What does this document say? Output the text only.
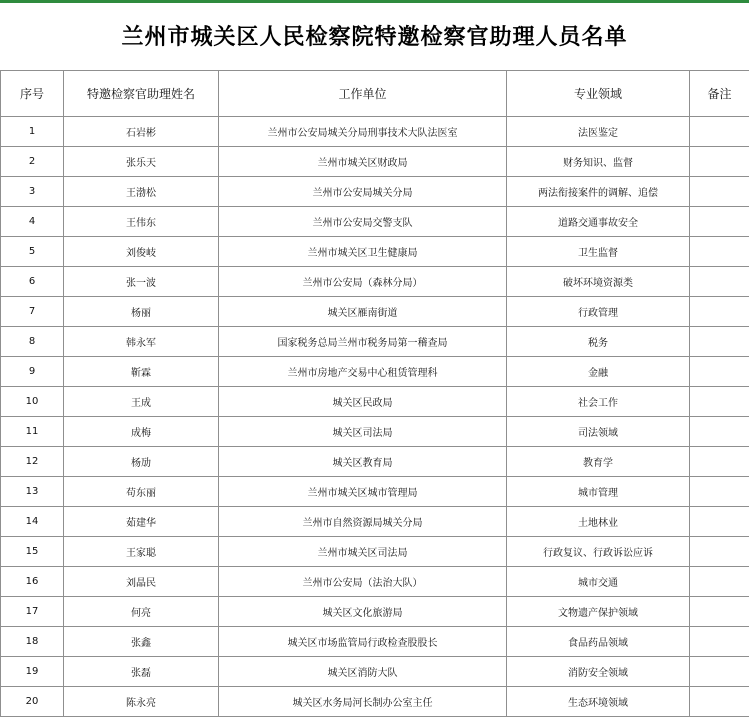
兰州市城关区人民检察院特邀检察官助理人员名单
序号	特邀检察官助理姓名	工作单位	专业领域	备注
1	石岩彬	兰州市公安局城关分局刑事技术大队法医室	法医鉴定	
2	张乐天	兰州市城关区财政局	财务知识、监督	
3	王渤松	兰州市公安局城关分局	两法衔接案件的调解、追偿	
4	王伟东	兰州市公安局交警支队	道路交通事故安全	
5	刘俊岐	兰州市城关区卫生健康局	卫生监督	
6	张一波	兰州市公安局（森林分局）	破坏环境资源类	
7	杨丽	城关区雁南街道	行政管理	
8	韩永军	国家税务总局兰州市税务局第一稽查局	税务	
9	靳霖	兰州市房地产交易中心租赁管理科	金融	
10	王成	城关区民政局	社会工作	
11	成梅	城关区司法局	司法领域	
12	杨劢	城关区教育局	教育学	
13	苟东丽	兰州市城关区城市管理局	城市管理	
14	茹建华	兰州市自然资源局城关分局	土地林业	
15	王家聪	兰州市城关区司法局	行政复议、行政诉讼应诉	
16	刘晶民	兰州市公安局（法治大队）	城市交通	
17	何亮	城关区文化旅游局	文物遗产保护领域	
18	张鑫	城关区市场监管局行政检查股股长	食品药品领域	
19	张磊	城关区消防大队	消防安全领域	
20	陈永亮	城关区水务局河长制办公室主任	生态环境领域	
